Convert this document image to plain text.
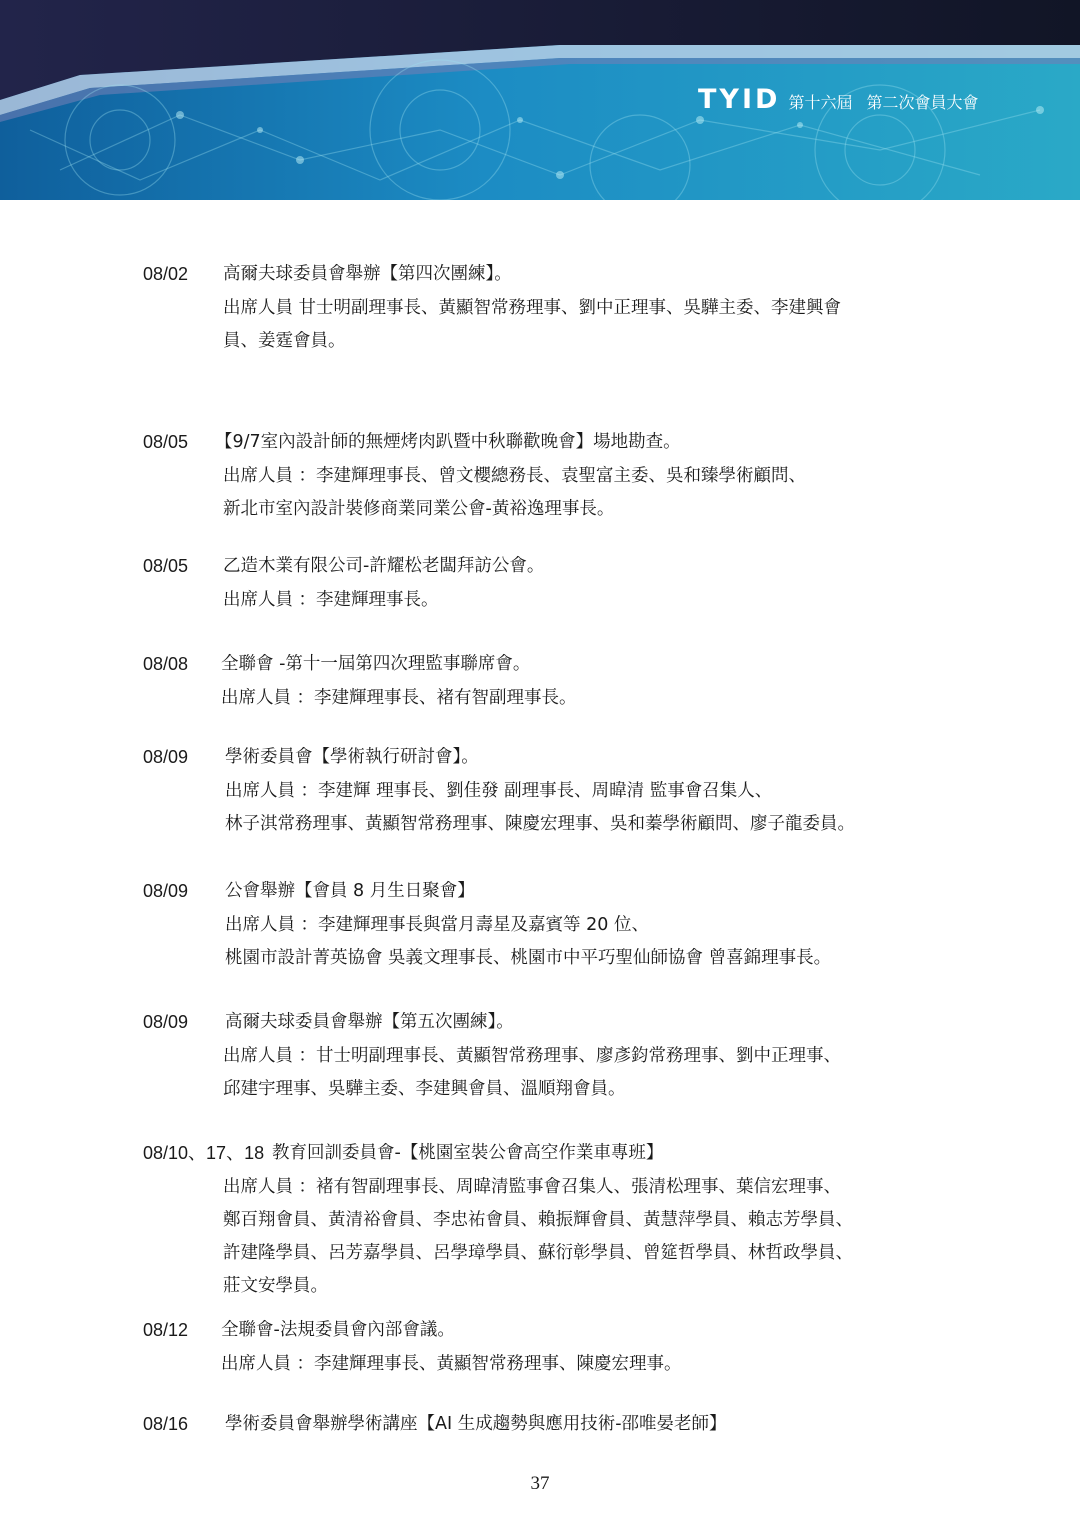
TYID 第十六屆 第二次會員大會
08/02 高爾夫球委員會舉辦【第四次團練】。
出席人員 甘士明副理事長、黃顯智常務理事、劉中正理事、吳驊主委、李建興會
員、姜霆會員。
08/05 【9/7室內設計師的無煙烤肉趴暨中秋聯歡晚會】場地勘查。
出席人員 ：李建輝理事長、曾文櫻總務長、袁聖富主委、吳和臻學術顧問、
新北市室內設計裝修商業同業公會-黃裕逸理事長。
08/05 乙造木業有限公司-許耀松老闆拜訪公會。
出席人員 ：李建輝理事長。
08/08 全聯會 -第十一屆第四次理監事聯席會。
出席人員 ：李建輝理事長、褚有智副理事長。
08/09 學術委員會【學術執行研討會】。
出席人員 ：李建輝 理事長、劉佳發 副理事長、周暐清 監事會召集人、
林子淇常務理事、黃顯智常務理事、陳慶宏理事、吳和蓁學術顧問、廖子龍委員。
08/09 公會舉辦【會員 8 月生日聚會】
出席人員 ：李建輝理事長與當月壽星及嘉賓等 20 位、
桃園市設計菁英協會 吳義文理事長、桃園市中平巧聖仙師協會 曾喜錦理事長。
08/09 高爾夫球委員會舉辦【第五次團練】。
出席人員 ：甘士明副理事長、黃顯智常務理事、廖彥鈞常務理事、劉中正理事、
邱建宇理事、吳驊主委、李建興會員、溫順翔會員。
08/10、17、18 教育回訓委員會-【桃園室裝公會高空作業車專班】
出席人員 ：褚有智副理事長、周暐清監事會召集人、張清松理事、葉信宏理事、
鄭百翔會員、黃清裕會員、李忠祐會員、賴振輝會員、黃慧萍學員、賴志芳學員、
許建隆學員、呂芳嘉學員、呂學璋學員、蘇衍彰學員、曾筵哲學員、林哲政學員、
莊文安學員。
08/12 全聯會-法規委員會內部會議。
出席人員 ：李建輝理事長、黃顯智常務理事、陳慶宏理事。
08/16 學術委員會舉辦學術講座【AI 生成趨勢與應用技術-邵唯晏老師】
37
